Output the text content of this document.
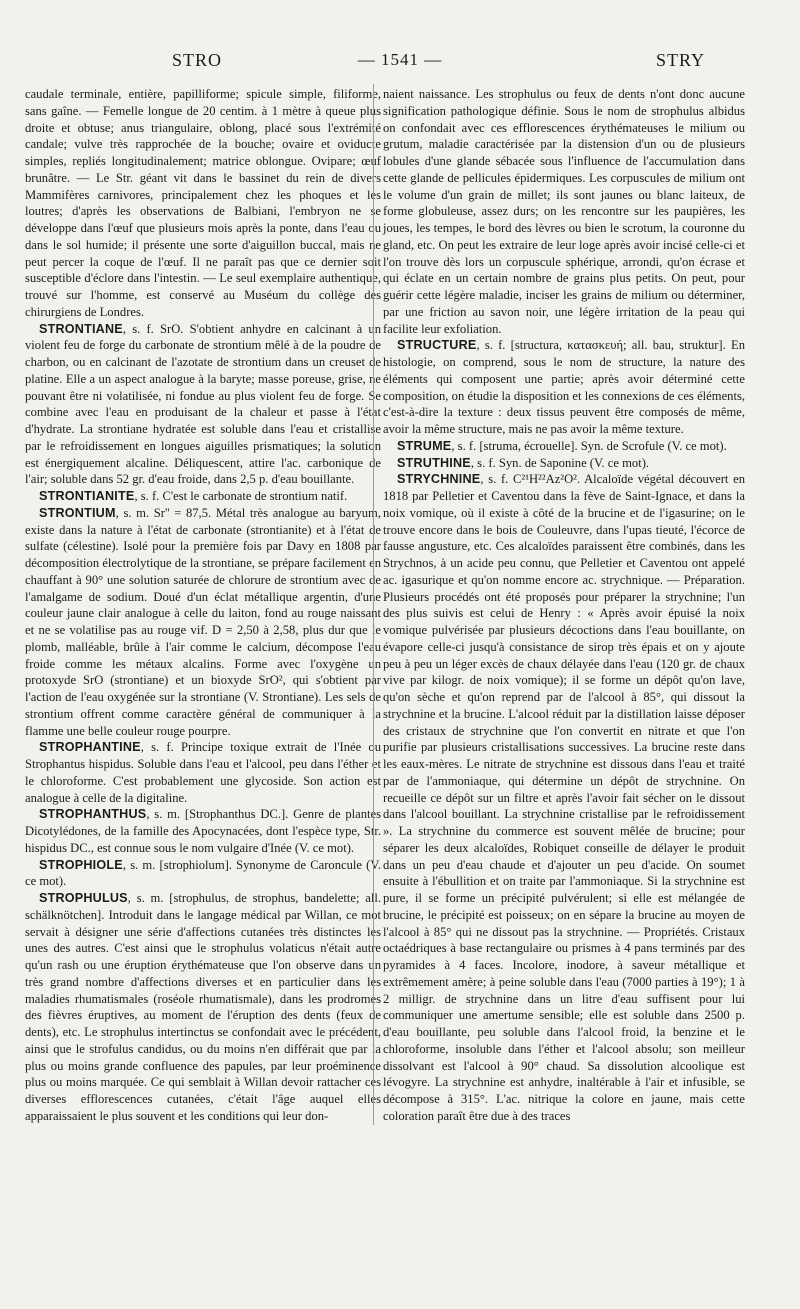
STRO	— 1541 —	STRY

caudale terminale, entière, papilliforme; spicule simple, filiforme, sans gaîne. — Femelle longue de 20 centim. à 1 mètre à queue plus droite et obtuse; anus triangulaire, oblong, placé sous l'extrémité candale; vulve très rapprochée de la bouche; ovaire et oviducte simples, repliés longitudinalement; matrice oblongue. Ovipare; œuf brunâtre. — Le Str. géant vit dans le bassinet du rein de divers Mammifères carnivores, principalement chez les phoques et les loutres; d'après les observations de Balbiani, l'embryon ne se développe dans l'œuf que plusieurs mois après la ponte, dans l'eau ou dans le sol humide; il présente une sorte d'aiguillon buccal, mais ne peut percer la coque de l'œuf. Il ne paraît pas que ce dernier soit susceptible d'éclore dans l'intestin. — Le seul exemplaire authentique, trouvé sur l'homme, est conservé au Muséum du collège des chirurgiens de Londres.

STRONTIANE, s. f. SrO. S'obtient anhydre en calcinant à un violent feu de forge du carbonate de strontium mêlé à de la poudre de charbon, ou en calcinant de l'azotate de strontium dans un creuset de platine. Elle a un aspect analogue à la baryte; masse poreuse, grise, ne pouvant être ni volatilisée, ni fondue au plus violent feu de forge. Se combine avec l'eau en produisant de la chaleur et passe à l'état d'hydrate. La strontiane hydratée est soluble dans l'eau et cristallise par le refroidissement en longues aiguilles prismatiques; la solution est énergiquement alcaline. Déliquescent, attire l'ac. carbonique de l'air; soluble dans 52 gr. d'eau froide, dans 2,5 p. d'eau bouillante.

STRONTIANITE, s. f. C'est le carbonate de strontium natif.

STRONTIUM, s. m. Sr'' = 87,5. Métal très analogue au baryum, existe dans la nature à l'état de carbonate (strontianite) et à l'état de sulfate (célestine). Isolé pour la première fois par Davy en 1808 par décomposition électrolytique de la strontiane, se prépare facilement en chauffant à 90° une solution saturée de chlorure de strontium avec de l'amalgame de sodium. Doué d'un éclat métallique argentin, d'une couleur jaune clair analogue à celle du laiton, fond au rouge naissant et ne se volatilise pas au rouge vif. D = 2,50 à 2,58, plus dur que le plomb, malléable, brûle à l'air comme le calcium, décompose l'eau froide comme les métaux alcalins. Forme avec l'oxygène un protoxyde SrO (strontiane) et un bioxyde SrO², qui s'obtient par l'action de l'eau oxygénée sur la strontiane (V. Strontiane). Les sels de strontium offrent comme caractère général de communiquer à la flamme une belle couleur rouge pourpre.

STROPHANTINE, s. f. Principe toxique extrait de l'Inée ou Strophantus hispidus. Soluble dans l'eau et l'alcool, peu dans l'éther et le chloroforme. C'est probablement une glycoside. Son action est analogue à celle de la digitaline.

STROPHANTHUS, s. m. [Strophanthus DC.]. Genre de plantes Dicotylédones, de la famille des Apocynacées, dont l'espèce type, Str. hispidus DC., est connue sous le nom vulgaire d'Inée (V. ce mot).

STROPHIOLE, s. m. [strophiolum]. Synonyme de Caroncule (V. ce mot).

STROPHULUS, s. m. [strophulus, de strophus, bandelette; all. schälknötchen]. Introduit dans le langage médical par Willan, ce mot servait à désigner une série d'affections cutanées très distinctes les unes des autres. C'est ainsi que le strophulus volaticus n'était autre qu'un rash ou une éruption érythémateuse que l'on observe dans un très grand nombre d'affections diverses et en particulier dans les maladies rhumatismales (roséole rhumatismale), dans les prodromes des fièvres éruptives, au moment de l'éruption des dents (feux de dents), etc. Le strophulus intertinctus se confondait avec le précédent, ainsi que le strofulus candidus, ou du moins n'en différait que par la plus ou moins grande confluence des papules, par leur proéminence plus ou moins marquée. Ce qui semblait à Willan devoir rattacher ces diverses efflorescences cutanées, c'était l'âge auquel elles apparaissaient le plus souvent et les conditions qui leur don-

naient naissance. Les strophulus ou feux de dents n'ont donc aucune signification pathologique définie. Sous le nom de strophulus albidus on confondait avec ces efflorescences érythémateuses le milium ou grutum, maladie caractérisée par la distension d'un ou de plusieurs lobules d'une glande sébacée sous l'influence de l'accumulation dans cette glande de pellicules épidermiques. Les corpuscules de milium ont le volume d'un grain de millet; ils sont jaunes ou blanc laiteux, de forme globuleuse, assez durs; on les rencontre sur les paupières, les joues, les tempes, le bord des lèvres ou bien le scrotum, la couronne du gland, etc. On peut les extraire de leur loge après avoir incisé celle-ci et l'on trouve dès lors un corpuscule sphérique, arrondi, qu'on écrase et qui éclate en un certain nombre de grains plus petits. On peut, pour guérir cette légère maladie, inciser les grains de milium ou déterminer, par une friction au savon noir, une légère irritation de la peau qui facilite leur exfoliation.

STRUCTURE, s. f. [structura, κατασκευή; all. bau, struktur]. En histologie, on comprend, sous le nom de structure, la nature des éléments qui composent une partie; après avoir déterminé cette composition, on étudie la disposition et les connexions de ces éléments, c'est-à-dire la texture : deux tissus peuvent être composés de même, avoir la même structure, mais ne pas avoir la même texture.

STRUME, s. f. [struma, écrouelle]. Syn. de Scrofule (V. ce mot).

STRUTHINE, s. f. Syn. de Saponine (V. ce mot).

STRYCHNINE, s. f. C²¹H²²Az²O². Alcaloïde végétal découvert en 1818 par Pelletier et Caventou dans la fève de Saint-Ignace, et dans la noix vomique, où il existe à côté de la brucine et de l'igasurine; on le trouve encore dans le bois de Couleuvre, dans l'upas tieuté, l'écorce de fausse angusture, etc. Ces alcaloïdes paraissent être combinés, dans les Strychnos, à un acide peu connu, que Pelletier et Caventou ont appelé ac. igasurique et qu'on nomme encore ac. strychnique. — Préparation. Plusieurs procédés ont été proposés pour préparer la strychnine; l'un des plus suivis est celui de Henry : « Après avoir épuisé la noix vomique pulvérisée par plusieurs décoctions dans l'eau bouillante, on évapore celle-ci jusqu'à consistance de sirop très épais et on y ajoute peu à peu un léger excès de chaux délayée dans l'eau (120 gr. de chaux vive par kilogr. de noix vomique); il se forme un dépôt qu'on lave, qu'on sèche et qu'on reprend par de l'alcool à 85°, qui dissout la strychnine et la brucine. L'alcool réduit par la distillation laisse déposer des cristaux de strychnine que l'on convertit en nitrate et que l'on purifie par plusieurs cristallisations successives. La brucine reste dans les eaux-mères. Le nitrate de strychnine est dissous dans l'eau et traité par de l'ammoniaque, qui détermine un dépôt de strychnine. On recueille ce dépôt sur un filtre et après l'avoir fait sécher on le dissout dans l'alcool bouillant. La strychnine cristallise par le refroidissement ». La strychnine du commerce est souvent mêlée de brucine; pour séparer les deux alcaloïdes, Robiquet conseille de délayer le produit dans un peu d'eau chaude et d'ajouter un peu d'acide. On soumet ensuite à l'ébullition et on traite par l'ammoniaque. Si la strychnine est pure, il se forme un précipité pulvérulent; si elle est mélangée de brucine, le précipité est poisseux; on en sépare la brucine au moyen de l'alcool à 85° qui ne dissout pas la strychnine. — Propriétés. Cristaux octaédriques à base rectangulaire ou prismes à 4 pans terminés par des pyramides à 4 faces. Incolore, inodore, à saveur métallique et extrêmement amère; à peine soluble dans l'eau (7000 parties à 19°); 1 à 2 milligr. de strychnine dans un litre d'eau suffisent pour lui communiquer une amertume sensible; elle est soluble dans 2500 p. d'eau bouillante, peu soluble dans l'alcool froid, la benzine et le chloroforme, insoluble dans l'éther et l'alcool absolu; son meilleur dissolvant est l'alcool à 90° chaud. Sa dissolution alcoolique est lévogyre. La strychnine est anhydre, inaltérable à l'air et infusible, se décompose à 315°. L'ac. nitrique la colore en jaune, mais cette coloration paraît être due à des traces
